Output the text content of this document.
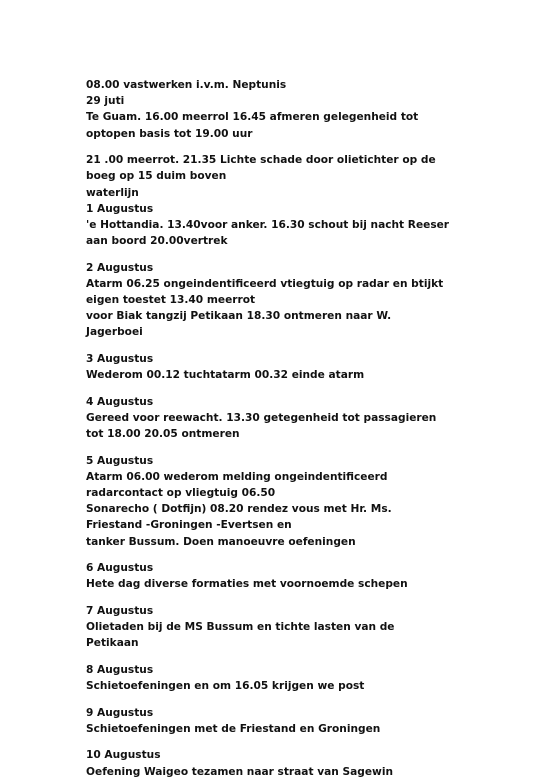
08.00 vastwerken i.v.m. Neptunis
29 juti
Te Guam. 16.00 meerrol 16.45 afmeren gelegenheid tot
optopen basis tot 19.00 uur
21 .00 meerrot. 21.35 Lichte schade door olietichter op de
boeg op 15 duim boven
waterlijn
1 Augustus
'e Hottandia. 13.40voor anker. 16.30 schout bij nacht Reeser
aan boord 20.00vertrek
2 Augustus
Atarm 06.25 ongeindentificeerd vtiegtuig op radar en btijkt
eigen toestet 13.40 meerrot
voor Biak tangzij Petikaan 18.30 ontmeren naar W.
Jagerboei
3 Augustus
Wederom 00.12 tuchtatarm 00.32 einde atarm
4 Augustus
Gereed voor reewacht. 13.30 getegenheid tot passagieren
tot 18.00 20.05 ontmeren
5 Augustus
Atarm 06.00 wederom melding ongeindentificeerd
radarcontact op vliegtuig 06.50
Sonarecho ( Dotfijn) 08.20 rendez vous met Hr. Ms.
Friestand -Groningen -Evertsen en
tanker Bussum. Doen manoeuvre oefeningen
6 Augustus
Hete dag diverse formaties met voornoemde schepen
7 Augustus
Olietaden bij de MS Bussum en tichte lasten van de
Petikaan
8 Augustus
Schietoefeningen en om 16.05 krijgen we post
9 Augustus
Schietoefeningen met de Friestand en Groningen
10 Augustus
Oefening Waigeo tezamen naar straat van Sagewin
